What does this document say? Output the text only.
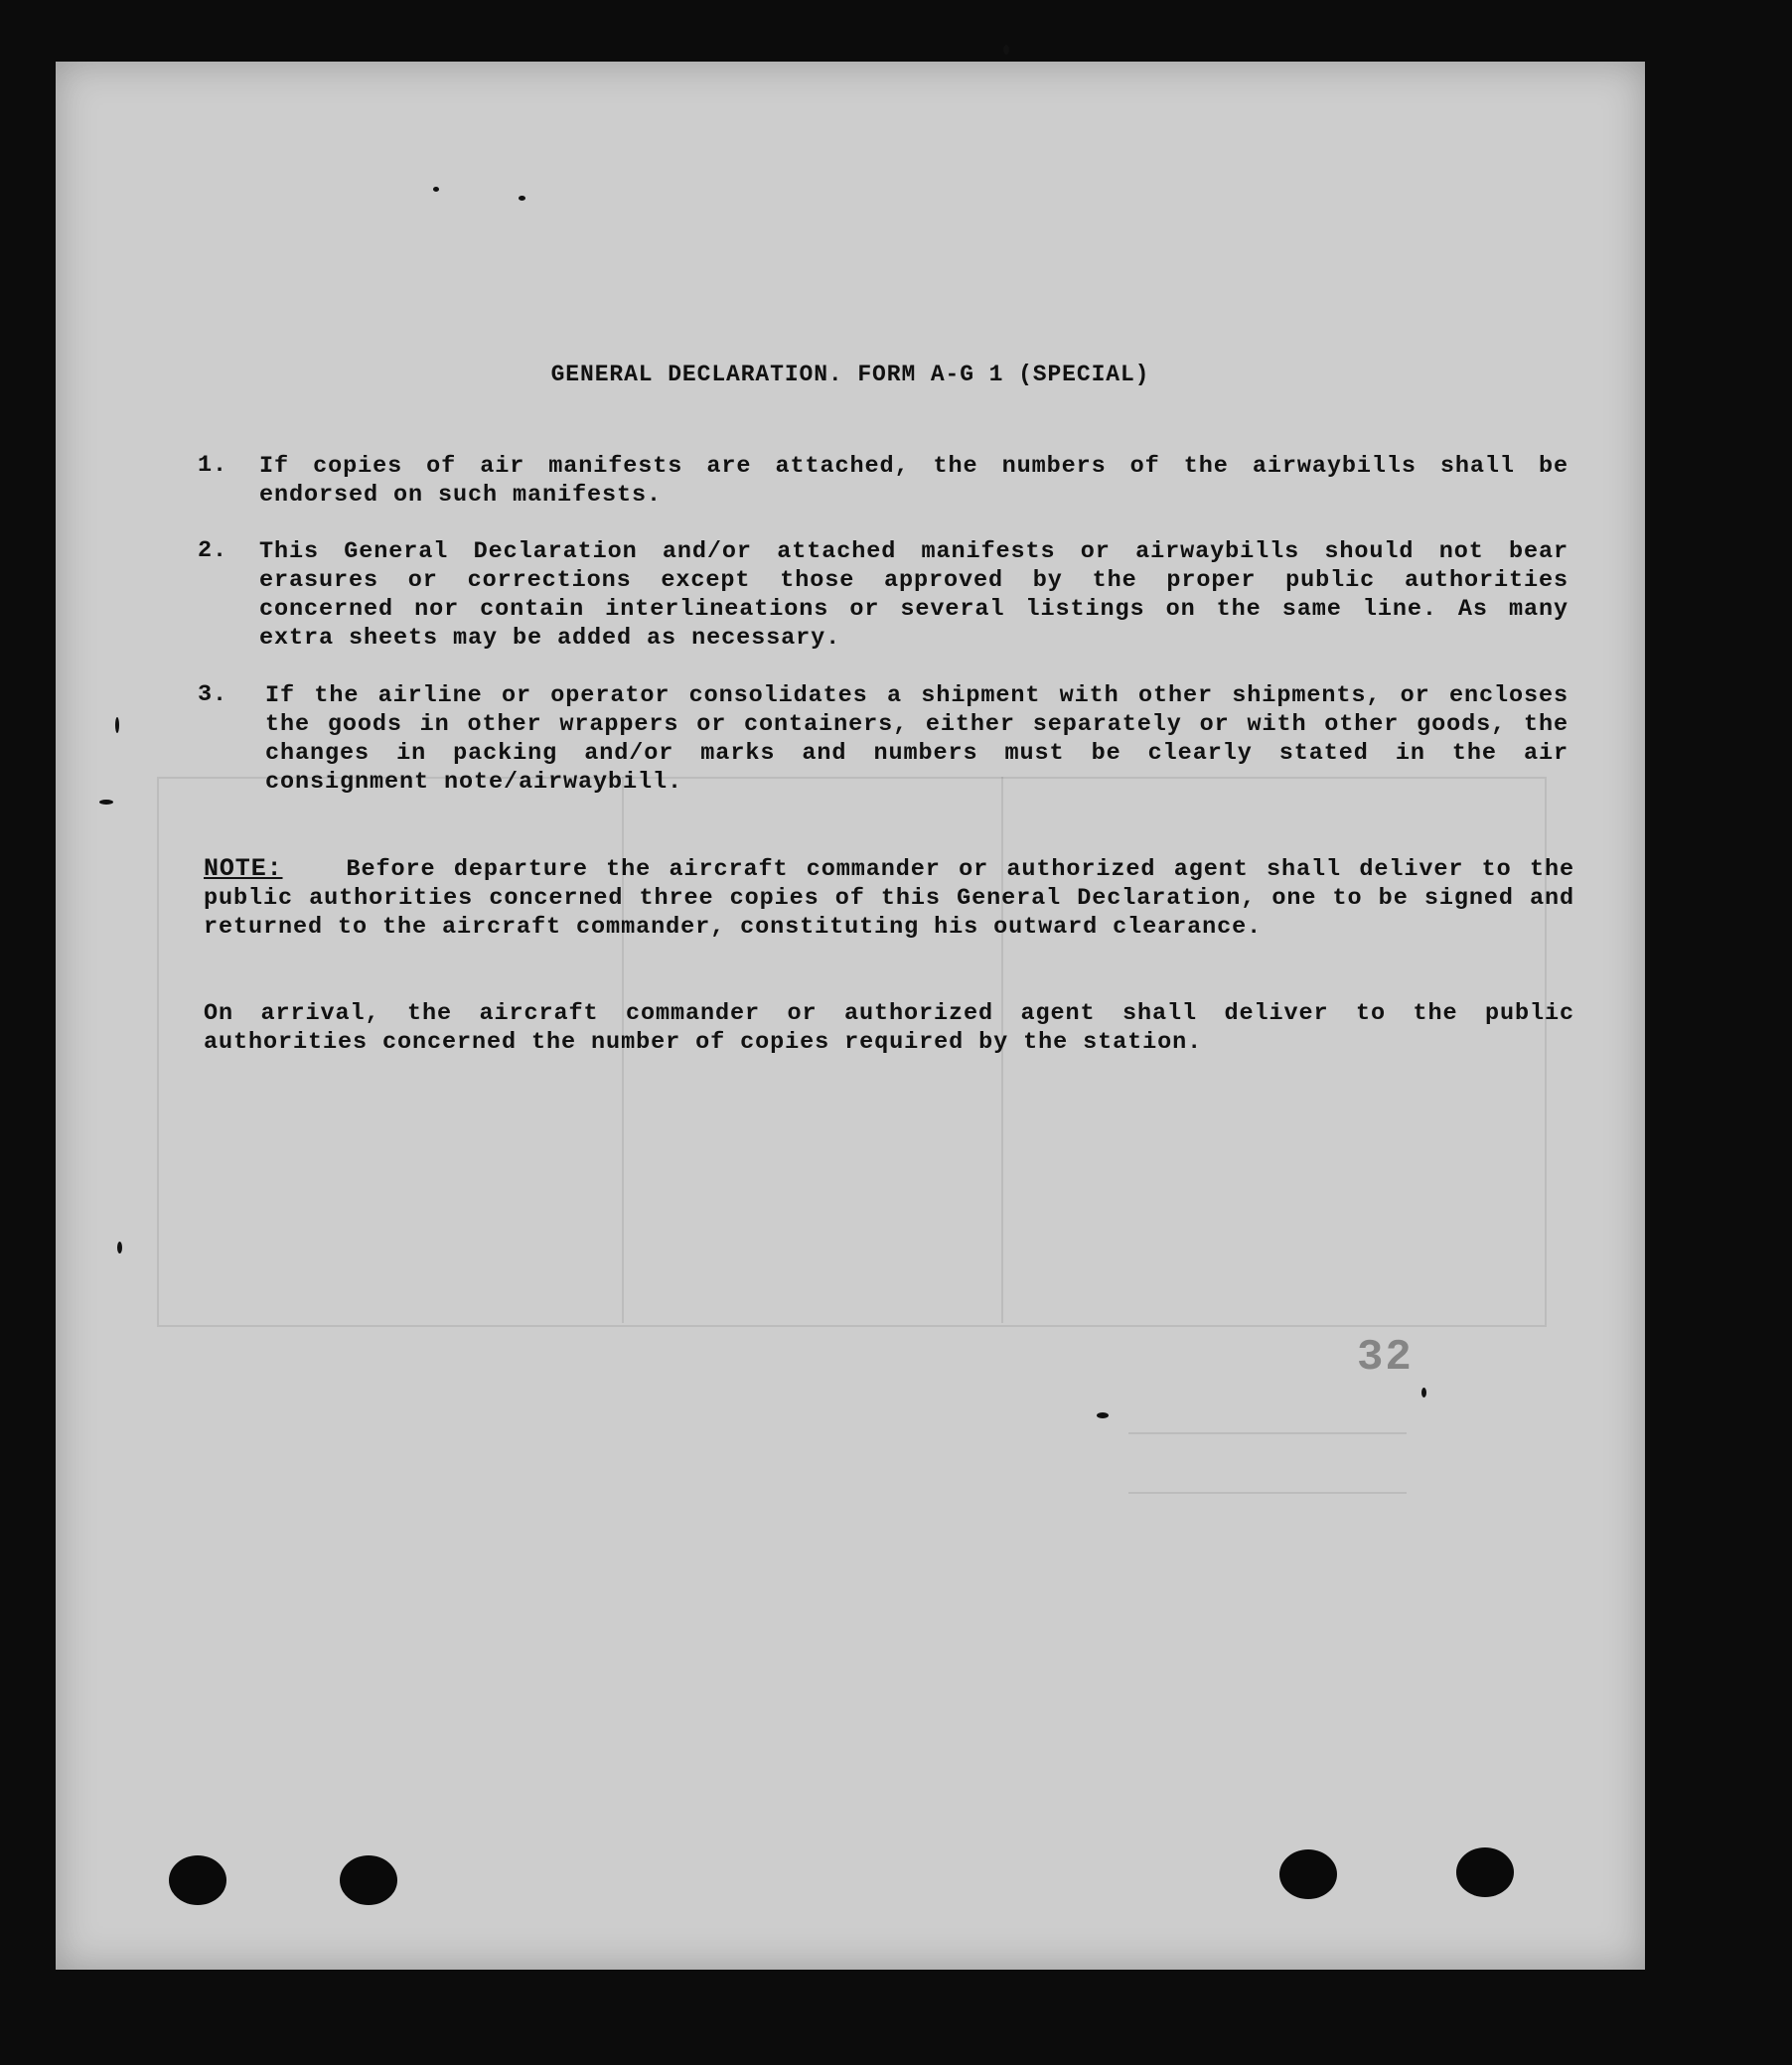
GENERAL DECLARATION. FORM A-G 1 (SPECIAL)
1.	If copies of air manifests are attached, the numbers of the airwaybills shall be endorsed on such manifests.
2.	This General Declaration and/or attached manifests or airwaybills should not bear erasures or corrections except those approved by the proper public authorities concerned nor contain interlineations or several listings on the same line. As many extra sheets may be added as necessary.
3.	If the airline or operator consolidates a shipment with other shipments, or encloses the goods in other wrappers or containers, either separately or with other goods, the changes in packing and/or marks and numbers must be clearly stated in the air consignment note/airwaybill.
NOTE:	Before departure the aircraft commander or authorized agent shall deliver to the public authorities concerned three copies of this General Declaration, one to be signed and returned to the aircraft commander, constituting his outward clearance.
On arrival, the aircraft commander or authorized agent shall deliver to the public authorities concerned the number of copies required by the station.
32
